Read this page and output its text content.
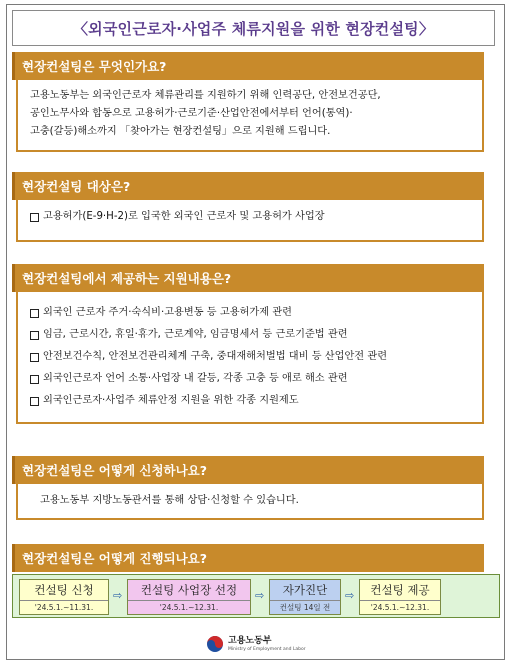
〈외국인근로자·사업주 체류지원을 위한 현장컨설팅〉
현장컨설팅은 무엇인가요?
고용노동부는 외국인근로자 체류관리를 지원하기 위해 인력공단, 안전보건공단,
공인노무사와 합동으로 고용허가·근로기준·산업안전에서부터 언어(통역)·
고충(갈등)해소까지 「찾아가는 현장컨설팅」으로 지원해 드립니다.
현장컨설팅 대상은?
고용허가(E-9·H-2)로 입국한 외국인 근로자 및 고용허가 사업장
현장컨설팅에서 제공하는 지원내용은?
외국인 근로자 주거·숙식비·고용변동 등 고용허가제 관련
임금, 근로시간, 휴일·휴가, 근로계약, 임금명세서 등 근로기준법 관련
안전보건수칙, 안전보건관리체계 구축, 중대재해처벌법 대비 등 산업안전 관련
외국인근로자 언어 소통·사업장 내 갈등, 각종 고충 등 애로 해소 관련
외국인근로자·사업주 체류안정 지원을 위한 각종 지원제도
현장컨설팅은 어떻게 신청하나요?
고용노동부 지방노동관서를 통해 상담·신청할 수 있습니다.
현장컨설팅은 어떻게 진행되나요?
컨설팅 신청
'24.5.1.~11.31.
⇨	컨설팅 사업장 선정
'24.5.1.~12.31.
⇨	자가진단
컨설팅 14일 전
⇨	컨설팅 제공
'24.5.1.~12.31.
고용노동부
Ministry of Employment and Labor
